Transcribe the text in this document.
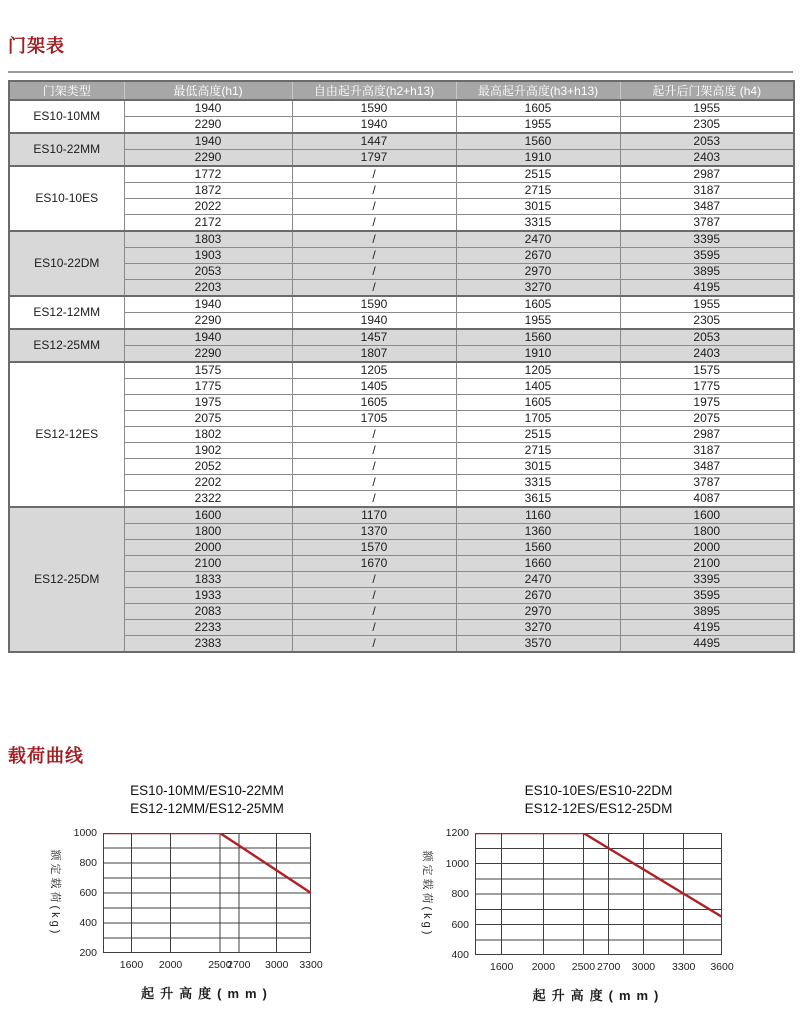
门架表
门架类型	最低高度(h1)	自由起升高度(h2+h13)	最高起升高度(h3+h13)	起升后门架高度 (h4)
ES10-10MM	1940	1590	1605	1955
	2290	1940	1955	2305
ES10-22MM	1940	1447	1560	2053
	2290	1797	1910	2403
ES10-10ES	1772	/	2515	2987
	1872	/	2715	3187
	2022	/	3015	3487
	2172	/	3315	3787
ES10-22DM	1803	/	2470	3395
	1903	/	2670	3595
	2053	/	2970	3895
	2203	/	3270	4195
ES12-12MM	1940	1590	1605	1955
	2290	1940	1955	2305
ES12-25MM	1940	1457	1560	2053
	2290	1807	1910	2403
ES12-12ES	1575	1205	1205	1575
	1775	1405	1405	1775
	1975	1605	1605	1975
	2075	1705	1705	2075
	1802	/	2515	2987
	1902	/	2715	3187
	2052	/	3015	3487
	2202	/	3315	3787
	2322	/	3615	4087
ES12-25DM	1600	1170	1160	1600
	1800	1370	1360	1800
	2000	1570	1560	2000
	2100	1670	1660	2100
	1833	/	2470	3395
	1933	/	2670	3595
	2083	/	2970	3895
	2233	/	3270	4195
	2383	/	3570	4495
载荷曲线
ES10-10MM/ES10-22MM
ES12-12MM/ES12-25MM
额定载荷(kg)
1000
800
600
400
200
1600	2000	2500
2700	3000	3300
起升高度(mm)
ES10-10ES/ES10-22DM
ES12-12ES/ES12-25DM
额定载荷(kg)
1200
1000
800
600
400
1600	2000	2500 2700	3000	3300	3600
起升高度(mm)
